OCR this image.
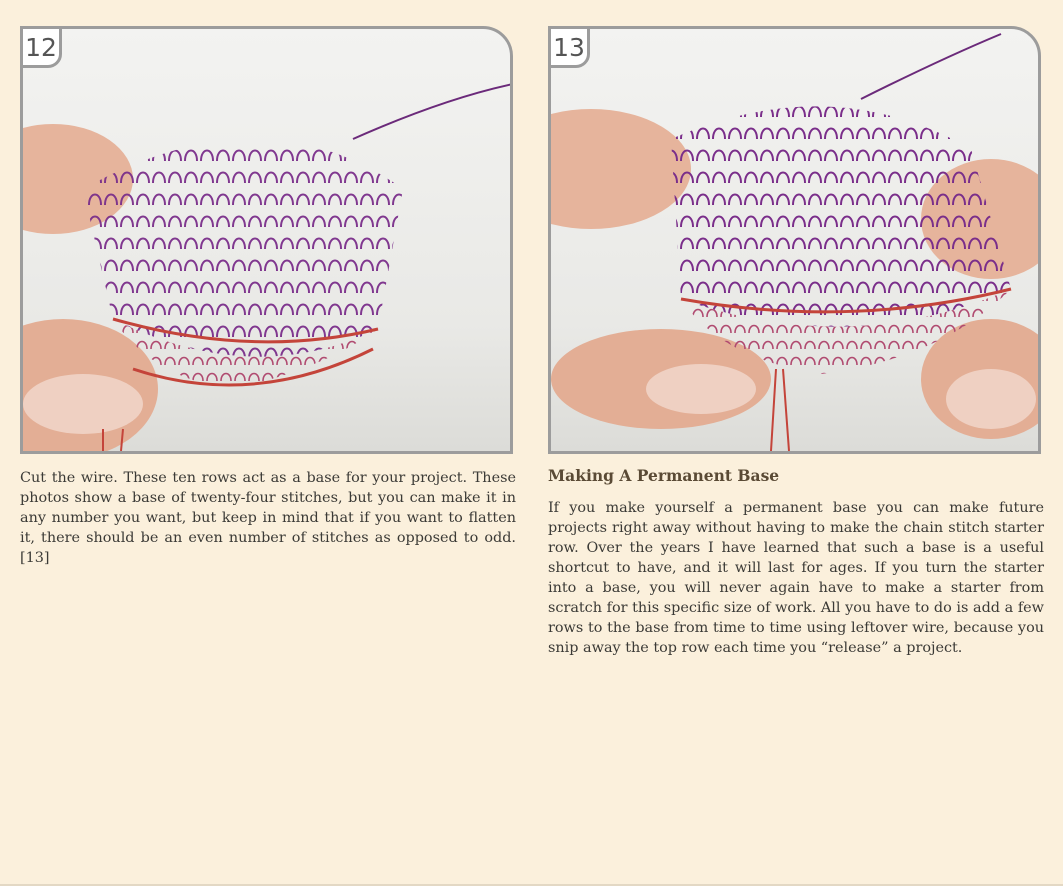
12	13
Cut the wire. These ten rows act as a base for your project. These photos show a base of twenty-four stitches, but you can make it in any number you want, but keep in mind that if you want to flatten it, there should be an even number of stitches as opposed to odd. [13]
Making A Permanent Base
If you make yourself a permanent base you can make future projects right away without having to make the chain stitch starter row. Over the years I have learned that such a base is a useful shortcut to have, and it will last for ages. If you turn the starter into a base, you will never again have to make a starter from scratch for this specific size of work. All you have to do is add a few rows to the base from time to time using leftover wire, because you snip away the top row each time you “release” a project.
